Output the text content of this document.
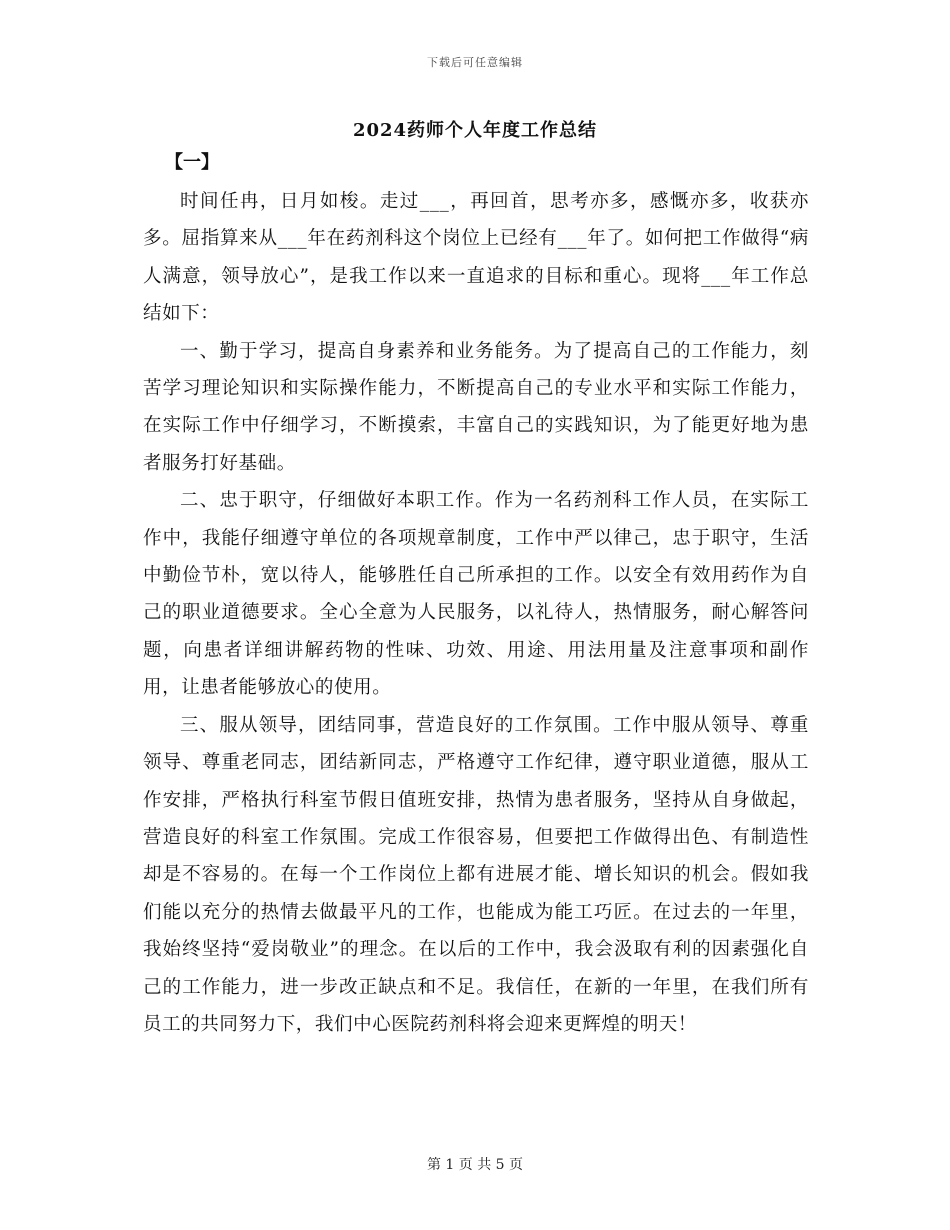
下载后可任意编辑
2024药师个人年度工作总结
【一】

时间任冉，日月如梭。走过___，再回首，思考亦多，感慨亦多，收获亦多。屈指算来从___年在药剂科这个岗位上已经有___年了。如何把工作做得“病人满意，领导放心”，是我工作以来一直追求的目标和重心。现将___年工作总结如下：

一、勤于学习，提高自身素养和业务能务。为了提高自己的工作能力，刻苦学习理论知识和实际操作能力，不断提高自己的专业水平和实际工作能力，在实际工作中仔细学习，不断摸索，丰富自己的实践知识，为了能更好地为患者服务打好基础。

二、忠于职守，仔细做好本职工作。作为一名药剂科工作人员，在实际工作中，我能仔细遵守单位的各项规章制度，工作中严以律己，忠于职守，生活中勤俭节朴，宽以待人，能够胜任自己所承担的工作。以安全有效用药作为自己的职业道德要求。全心全意为人民服务，以礼待人，热情服务，耐心解答问题，向患者详细讲解药物的性味、功效、用途、用法用量及注意事项和副作用，让患者能够放心的使用。

三、服从领导，团结同事，营造良好的工作氛围。工作中服从领导、尊重领导、尊重老同志，团结新同志，严格遵守工作纪律，遵守职业道德，服从工作安排，严格执行科室节假日值班安排，热情为患者服务，坚持从自身做起，营造良好的科室工作氛围。完成工作很容易，但要把工作做得出色、有制造性却是不容易的。在每一个工作岗位上都有进展才能、增长知识的机会。假如我们能以充分的热情去做最平凡的工作，也能成为能工巧匠。在过去的一年里，我始终坚持“爱岗敬业”的理念。在以后的工作中，我会汲取有利的因素强化自己的工作能力，进一步改正缺点和不足。我信任，在新的一年里，在我们所有员工的共同努力下，我们中心医院药剂科将会迎来更辉煌的明天！

第 1 页 共 5 页
